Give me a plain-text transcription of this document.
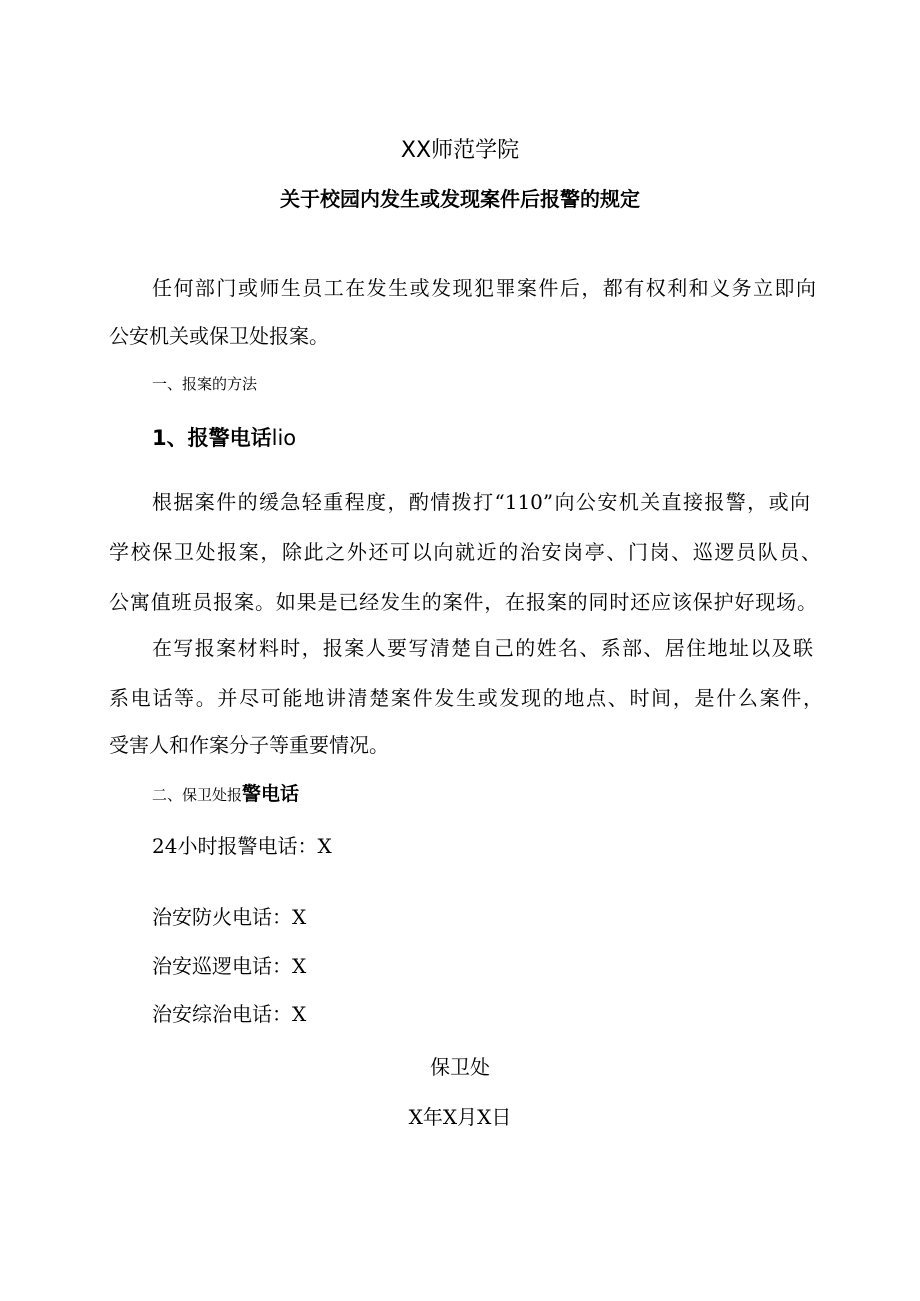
XX师范学院
关于校园内发生或发现案件后报警的规定
任何部门或师生员工在发生或发现犯罪案件后，都有权利和义务立即向
公安机关或保卫处报案。
一、报案的方法
1、报警电话lio
根据案件的缓急轻重程度，酌情拨打“110”向公安机关直接报警，或向
学校保卫处报案，除此之外还可以向就近的治安岗亭、门岗、巡逻员队员、
公寓值班员报案。如果是已经发生的案件，在报案的同时还应该保护好现场。
在写报案材料时，报案人要写清楚自己的姓名、系部、居住地址以及联
系电话等。并尽可能地讲清楚案件发生或发现的地点、时间，是什么案件，
受害人和作案分子等重要情况。
二、保卫处报警电话
24小时报警电话：X
治安防火电话：X
治安巡逻电话：X
治安综治电话：X
保卫处
X年X月X日
